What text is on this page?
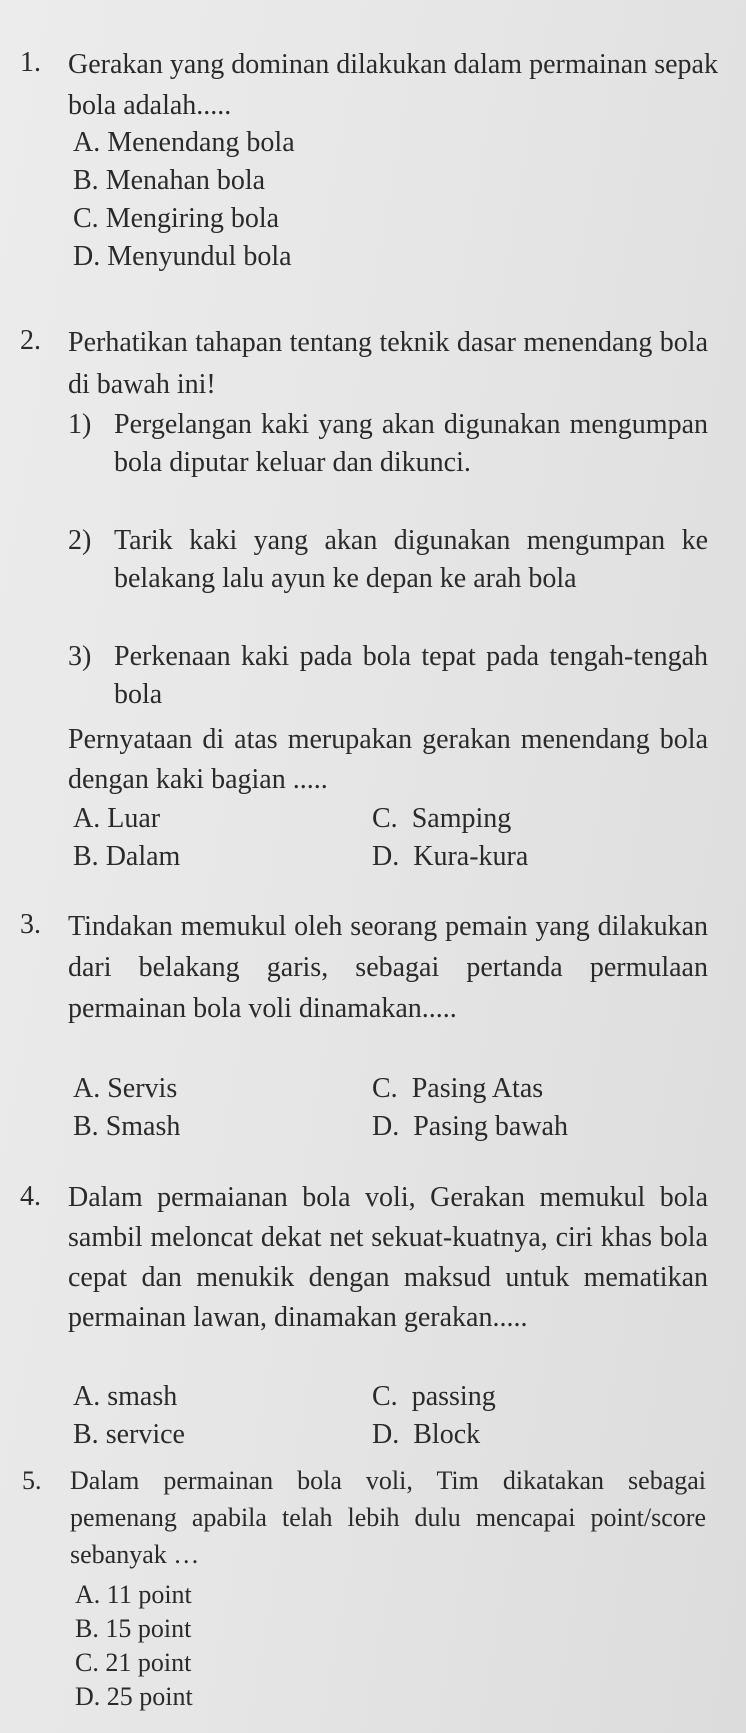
1. Gerakan yang dominan dilakukan dalam permainan sepak bola adalah.....
A. Menendang bola
B. Menahan bola
C. Mengiring bola
D. Menyundul bola
2. Perhatikan tahapan tentang teknik dasar menendang bola di bawah ini!
1) Pergelangan kaki yang akan digunakan mengumpan bola diputar keluar dan dikunci.
2) Tarik kaki yang akan digunakan mengumpan ke belakang lalu ayun ke depan ke arah bola
3) Perkenaan kaki pada bola tepat pada tengah-tengah bola
Pernyataan di atas merupakan gerakan menendang bola dengan kaki bagian .....
A. Luar	C. Samping
B. Dalam	D. Kura-kura
3. Tindakan memukul oleh seorang pemain yang dilakukan dari belakang garis, sebagai pertanda permulaan permainan bola voli dinamakan.....
A. Servis	C. Pasing Atas
B. Smash	D. Pasing bawah
4. Dalam permaianan bola voli, Gerakan memukul bola sambil meloncat dekat net sekuat-kuatnya, ciri khas bola cepat dan menukik dengan maksud untuk mematikan permainan lawan, dinamakan gerakan.....
A. smash	C. passing
B. service	D. Block
5. Dalam permainan bola voli, Tim dikatakan sebagai pemenang apabila telah lebih dulu mencapai point/score sebanyak …
A. 11 point
B. 15 point
C. 21 point
D. 25 point
